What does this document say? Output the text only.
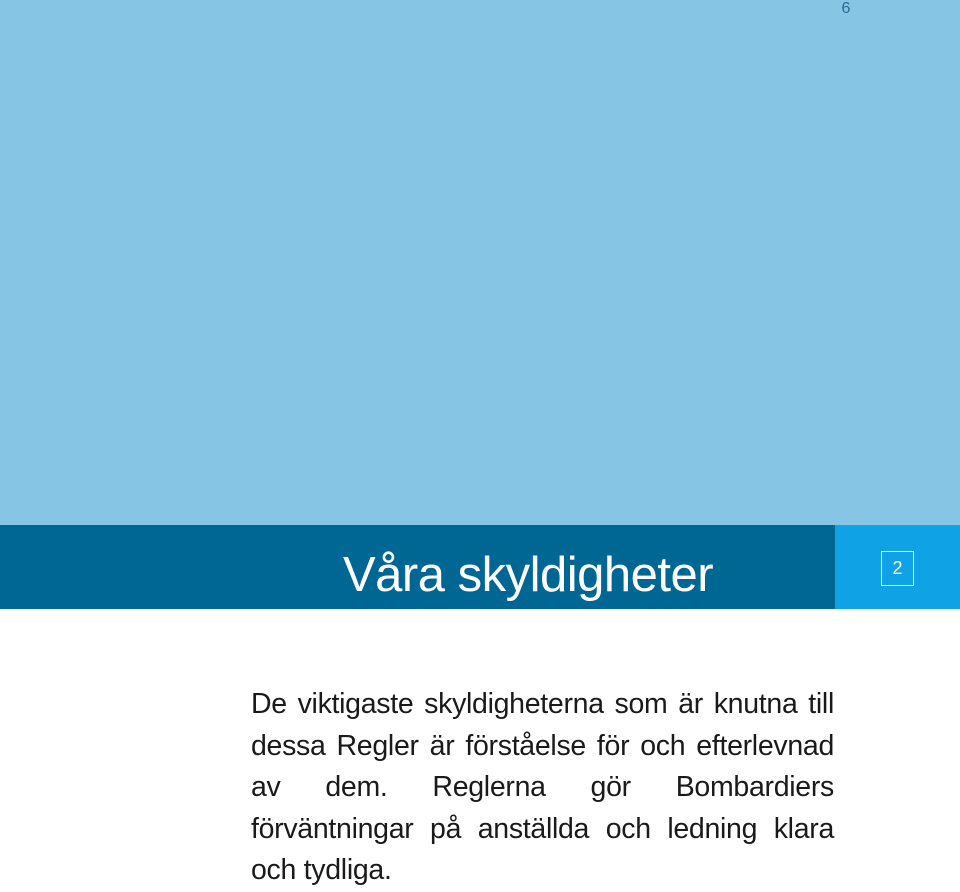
6
Våra skyldigheter	2

De viktigaste skyldigheterna som är knutna till dessa Regler är förståelse för och efterlevnad av dem. Reglerna gör Bombardiers förväntningar på anställda och ledning klara och tydliga.
